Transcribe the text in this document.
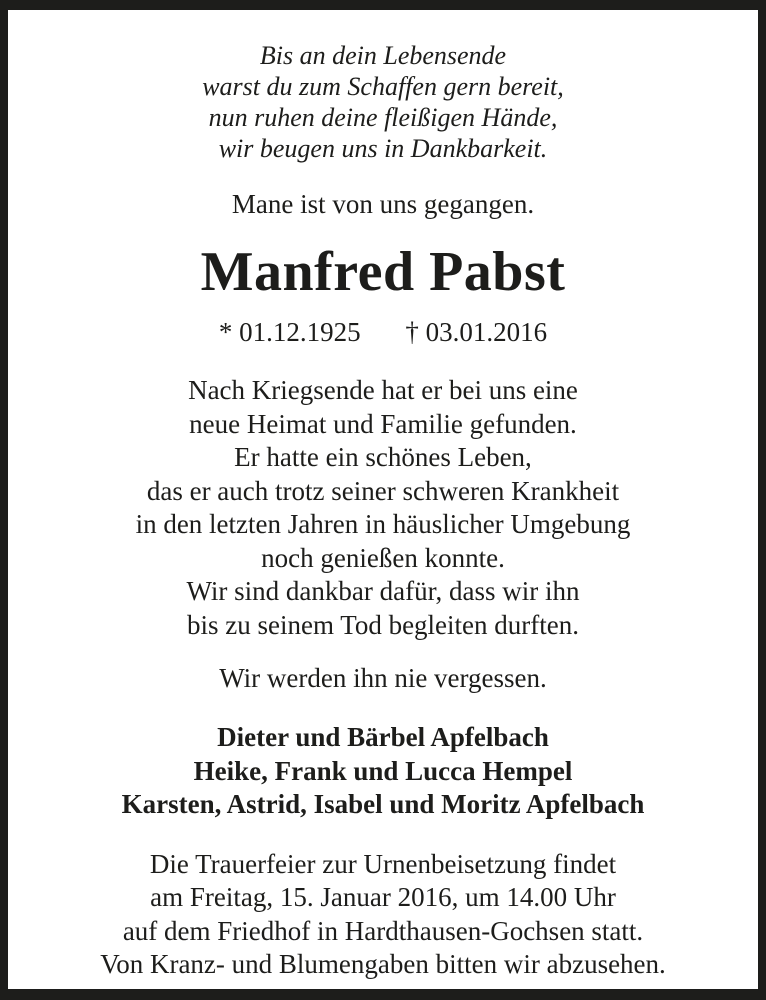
Bis an dein Lebensende
warst du zum Schaffen gern bereit,
nun ruhen deine fleißigen Hände,
wir beugen uns in Dankbarkeit.
Mane ist von uns gegangen.
Manfred Pabst
* 01.12.1925 † 03.01.2016
Nach Kriegsende hat er bei uns eine
neue Heimat und Familie gefunden.
Er hatte ein schönes Leben,
das er auch trotz seiner schweren Krankheit
in den letzten Jahren in häuslicher Umgebung
noch genießen konnte.
Wir sind dankbar dafür, dass wir ihn
bis zu seinem Tod begleiten durften.
Wir werden ihn nie vergessen.
Dieter und Bärbel Apfelbach
Heike, Frank und Lucca Hempel
Karsten, Astrid, Isabel und Moritz Apfelbach
Die Trauerfeier zur Urnenbeisetzung findet
am Freitag, 15. Januar 2016, um 14.00 Uhr
auf dem Friedhof in Hardthausen-Gochsen statt.
Von Kranz- und Blumengaben bitten wir abzusehen.
